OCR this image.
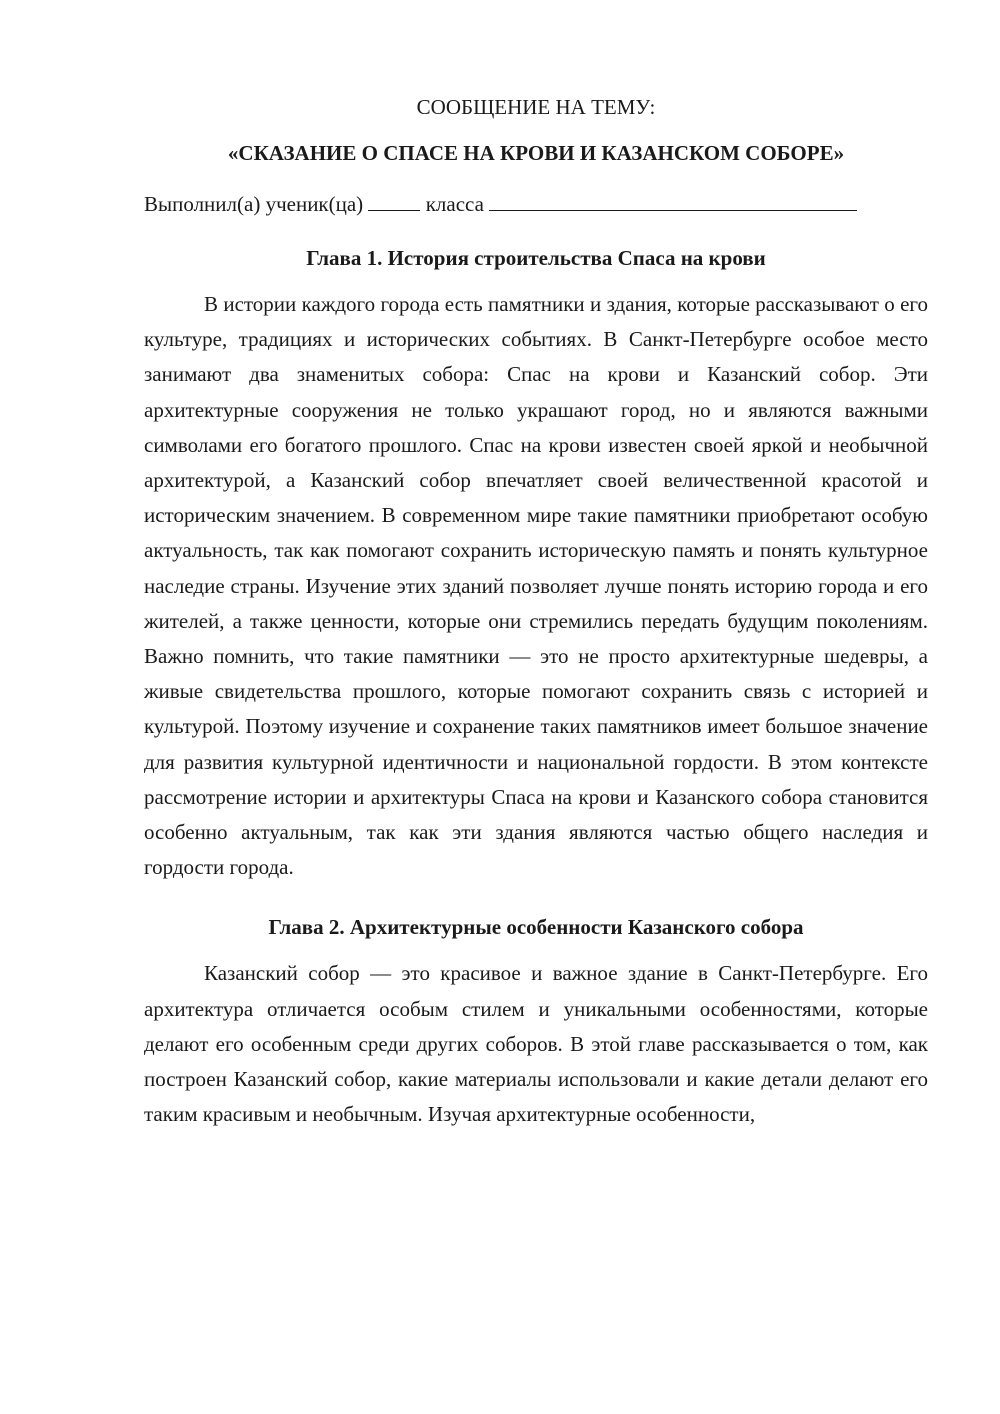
СООБЩЕНИЕ НА ТЕМУ:

«СКАЗАНИЕ О СПАСЕ НА КРОВИ И КАЗАНСКОМ СОБОРЕ»

Выполнил(а) ученик(ца)	класса

Глава 1. История строительства Спаса на крови

В истории каждого города есть памятники и здания, которые рассказывают о его культуре, традициях и исторических событиях. В Санкт-Петербурге особое место занимают два знаменитых собора: Спас на крови и Казанский собор. Эти архитектурные сооружения не только украшают город, но и являются важными символами его богатого прошлого. Спас на крови известен своей яркой и необычной архитектурой, а Казанский собор впечатляет своей величественной красотой и историческим значением. В современном мире такие памятники приобретают особую актуальность, так как помогают сохранить историческую память и понять культурное наследие страны. Изучение этих зданий позволяет лучше понять историю города и его жителей, а также ценности, которые они стремились передать будущим поколениям. Важно помнить, что такие памятники — это не просто архитектурные шедевры, а живые свидетельства прошлого, которые помогают сохранить связь с историей и культурой. Поэтому изучение и сохранение таких памятников имеет большое значение для развития культурной идентичности и национальной гордости. В этом контексте рассмотрение истории и архитектуры Спаса на крови и Казанского собора становится особенно актуальным, так как эти здания являются частью общего наследия и гордости города.

Глава 2. Архитектурные особенности Казанского собора

Казанский собор — это красивое и важное здание в Санкт-Петербурге. Его архитектура отличается особым стилем и уникальными особенностями, которые делают его особенным среди других соборов. В этой главе рассказывается о том, как построен Казанский собор, какие материалы использовали и какие детали делают его таким красивым и необычным. Изучая архитектурные особенности,
